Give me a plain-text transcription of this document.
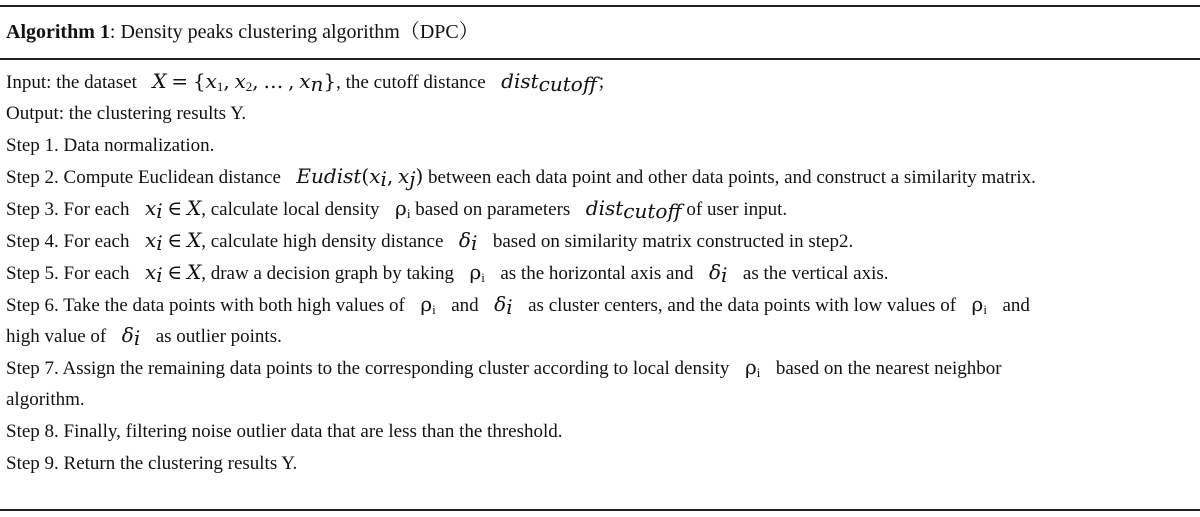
Algorithm 1: Density peaks clustering algorithm（DPC）
Input: the dataset $X = \{x_1$, $x_2$, … , $x_n$}, the cutoff distance dist$_{cutoff}$；
Output: the clustering results Y.
Step 1. Data normalization.
Step 2. Compute Euclidean distance $Eudist(x_i$, $x_j$) between each data point and other data points, and construct a similarity matrix.
Step 3. For each $x_i$ ∈ X, calculate local density $\rho_i$ based on parameters dist$_{cutoff}$ of user input.
Step 4. For each $x_i$ ∈ X, calculate high density distance $\delta_i$ based on similarity matrix constructed in step2.
Step 5. For each $x_i$ ∈ X, draw a decision graph by taking $\rho_i$ as the horizontal axis and $\delta_i$ as the vertical axis.
Step 6. Take the data points with both high values of $\rho_i$ and $\delta_i$ as cluster centers, and the data points with low values of $\rho_i$ and
high value of $\delta_i$ as outlier points.
Step 7. Assign the remaining data points to the corresponding cluster according to local density $\rho_i$ based on the nearest neighbor
algorithm.
Step 8. Finally, filtering noise outlier data that are less than the threshold.
Step 9. Return the clustering results Y.
